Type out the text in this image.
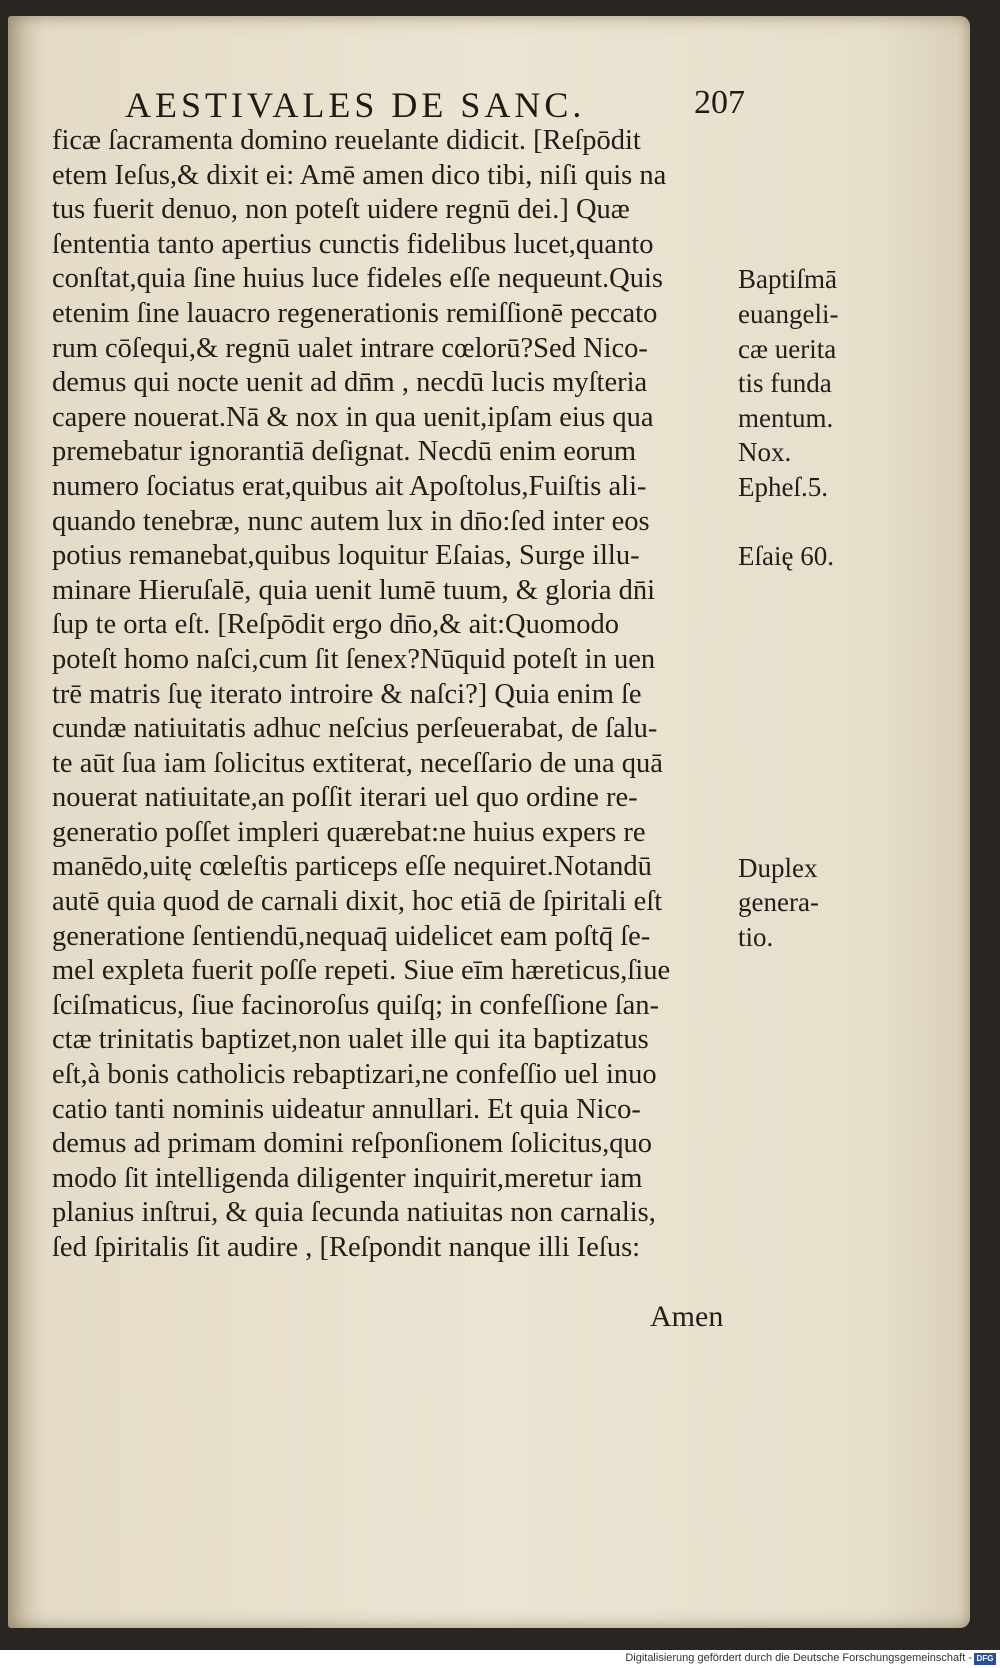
AESTIVALES DE SANC.	207
ficæ ſacramenta domino reuelante didicit. [Reſpōdit
etem Ieſus,& dixit ei: Amē amen dico tibi, niſi quis na
tus fuerit denuo, non poteſt uidere regnū dei.] Quæ
ſententia tanto apertius cunctis fidelibus lucet,quanto
conſtat,quia ſine huius luce fideles eſſe nequeunt.Quis
etenim ſine lauacro regenerationis remiſſionē peccato
rum cōſequi,& regnū ualet intrare cœlorū?Sed Nico-
demus qui nocte uenit ad dn̄m , necdū lucis myſteria
capere nouerat.Nā & nox in qua uenit,ipſam eius qua
premebatur ignorantiā deſignat. Necdū enim eorum
numero ſociatus erat,quibus ait Apoſtolus,Fuiſtis ali-
quando tenebræ, nunc autem lux in dn̄o:ſed inter eos
potius remanebat,quibus loquitur Eſaias, Surge illu-
minare Hieruſalē, quia uenit lumē tuum, & gloria dn̄i
ſup te orta eſt. [Reſpōdit ergo dn̄o,& ait:Quomodo
poteſt homo naſci,cum ſit ſenex?Nūquid poteſt in uen
trē matris ſuę iterato introire & naſci?] Quia enim ſe
cundæ natiuitatis adhuc neſcius perſeuerabat, de ſalu-
te aūt ſua iam ſolicitus extiterat, neceſſario de una quā
nouerat natiuitate,an poſſit iterari uel quo ordine re-
generatio poſſet impleri quærebat:ne huius expers re
manēdo,uitę cœleſtis particeps eſſe nequiret.Notandū
autē quia quod de carnali dixit, hoc etiā de ſpiritali eſt
generatione ſentiendū,nequaq̄ uidelicet eam poſtq̄ ſe-
mel expleta fuerit poſſe repeti. Siue eīm hæreticus,ſiue
ſciſmaticus, ſiue facinoroſus quiſq; in confeſſione ſan-
ctæ trinitatis baptizet,non ualet ille qui ita baptizatus
eſt,à bonis catholicis rebaptizari,ne confeſſio uel inuo
catio tanti nominis uideatur annullari. Et quia Nico-
demus ad primam domini reſponſionem ſolicitus,quo
modo ſit intelligenda diligenter inquirit,meretur iam
planius inſtrui, & quia ſecunda natiuitas non carnalis,
ſed ſpiritalis ſit audire , [Reſpondit nanque illi Ieſus:
Baptiſmā
euangeli-
cæ uerita
tis funda
mentum.
Nox.
Epheſ.5.
Eſaię 60.
Duplex
genera-
tio.
Amen
Digitalisierung gefördert durch die Deutsche Forschungsgemeinschaft - DFG
